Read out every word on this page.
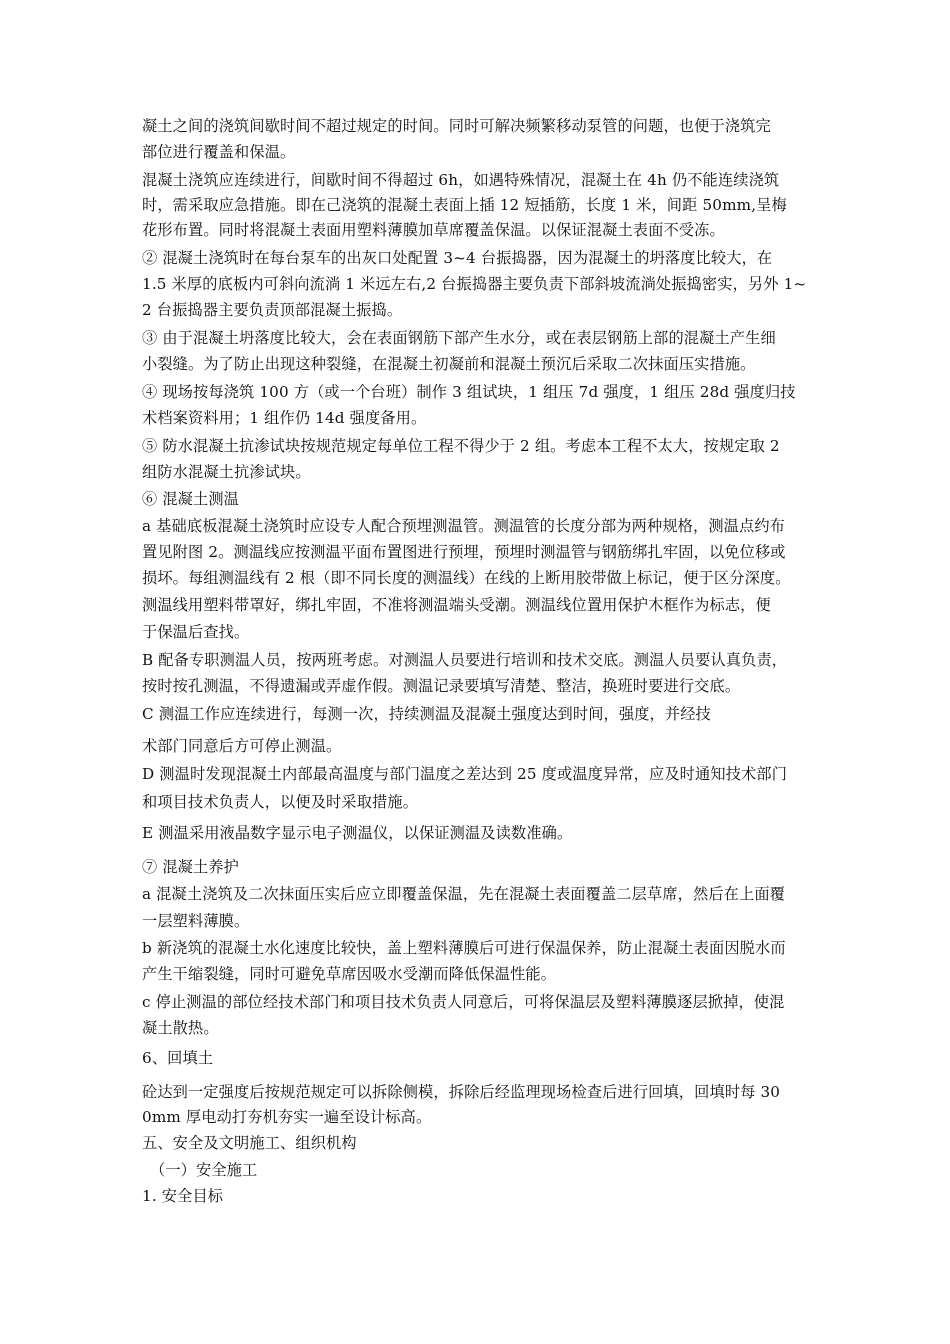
凝土之间的浇筑间歇时间不超过规定的时间。同时可解决频繁移动泵管的问题，也便于浇筑完
部位进行覆盖和保温。
混凝土浇筑应连续进行，间歇时间不得超过 6h，如遇特殊情况，混凝土在 4h 仍不能连续浇筑
时，需采取应急措施。即在己浇筑的混凝土表面上插 12 短插筋，长度 1 米，间距 50mm,呈梅
花形布置。同时将混凝土表面用塑料薄膜加草席覆盖保温。以保证混凝土表面不受冻。
② 混凝土浇筑时在每台泵车的出灰口处配置 3~4 台振捣器，因为混凝土的坍落度比较大，在
1.5 米厚的底板内可斜向流淌 1 米远左右,2 台振捣器主要负责下部斜坡流淌处振捣密实，另外 1~
2 台振捣器主要负责顶部混凝土振捣。
③ 由于混凝土坍落度比较大，会在表面钢筋下部产生水分，或在表层钢筋上部的混凝土产生细
小裂缝。为了防止出现这种裂缝，在混凝土初凝前和混凝土预沉后采取二次抹面压实措施。
④ 现场按每浇筑 100 方（或一个台班）制作 3 组试块，1 组压 7d 强度，1 组压 28d 强度归技
术档案资料用；1 组作仍 14d 强度备用。
⑤ 防水混凝土抗渗试块按规范规定每单位工程不得少于 2 组。考虑本工程不太大，按规定取 2
组防水混凝土抗渗试块。
⑥ 混凝土测温
a 基础底板混凝土浇筑时应设专人配合预埋测温管。测温管的长度分部为两种规格，测温点约布
置见附图 2。测温线应按测温平面布置图进行预埋，预埋时测温管与钢筋绑扎牢固，以免位移或
损坏。每组测温线有 2 根（即不同长度的测温线）在线的上断用胶带做上标记，便于区分深度。
测温线用塑料带罩好，绑扎牢固，不准将测温端头受潮。测温线位置用保护木框作为标志，便
于保温后查找。
B 配备专职测温人员，按两班考虑。对测温人员要进行培训和技术交底。测温人员要认真负责，
按时按孔测温，不得遗漏或弄虚作假。测温记录要填写清楚、整洁，换班时要进行交底。
C 测温工作应连续进行，每测一次，持续测温及混凝土强度达到时间，强度，并经技
术部门同意后方可停止测温。
D 测温时发现混凝土内部最高温度与部门温度之差达到 25 度或温度异常，应及时通知技术部门
和项目技术负责人，以便及时采取措施。
E 测温采用液晶数字显示电子测温仪，以保证测温及读数准确。
⑦ 混凝土养护
a 混凝土浇筑及二次抹面压实后应立即覆盖保温，先在混凝土表面覆盖二层草席，然后在上面覆
一层塑料薄膜。
b 新浇筑的混凝土水化速度比较快，盖上塑料薄膜后可进行保温保养，防止混凝土表面因脱水而
产生干缩裂缝，同时可避免草席因吸水受潮而降低保温性能。
c 停止测温的部位经技术部门和项目技术负责人同意后，可将保温层及塑料薄膜逐层掀掉，使混
凝土散热。
6、回填土
砼达到一定强度后按规范规定可以拆除侧模，拆除后经监理现场检查后进行回填，回填时每 30
0mm 厚电动打夯机夯实一遍至设计标高。
五、安全及文明施工、组织机构
（一）安全施工
1. 安全目标
